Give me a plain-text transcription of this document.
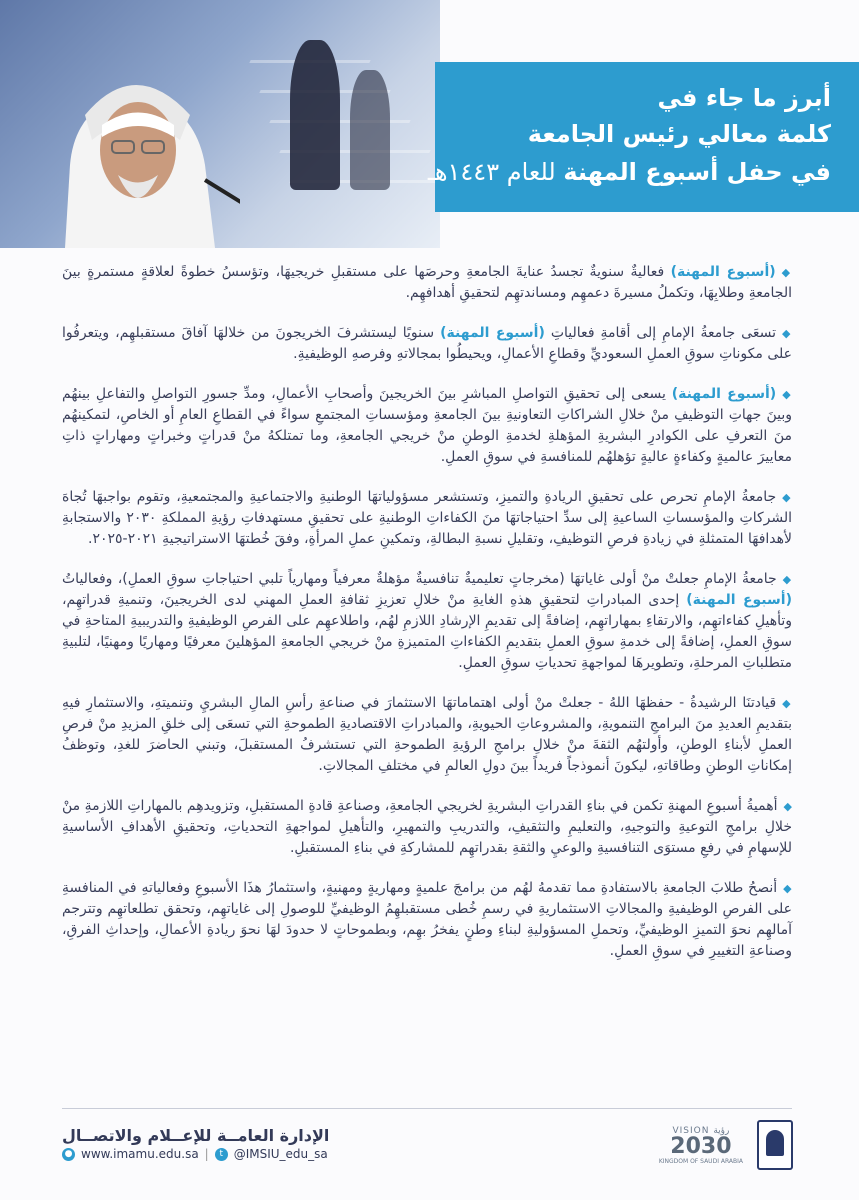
أبرز ما جاء في
كلمة معالي رئيس الجامعة
في حفل أسبوع المهنة للعام ١٤٤٣هـ

◆(أسبوع المهنة) فعاليةٌ سنويةٌ تجسدُ عنايةَ الجامعةِ وحرصَها على مستقبلِ خريجيهَا، وتؤسسُ خطوةً لعلاقةٍ مستمرةٍ بينَ الجامعةِ وطلابِهَا، وتكملُ مسيرةَ دعمهِم ومساندتهِم لتحقيقِ أهدافهِم.

◆تسعَى جامعةُ الإمامِ إلى أقامةِ فعالياتِ (أسبوع المهنة) سنويًا ليستشرفَ الخريجونَ من خلالهَا آفاقَ مستقبلهِم، ويتعرفُوا على مكوناتِ سوقِ العملِ السعوديِّ وقطاعِ الأعمالِ، ويحيطُوا بمجالاتهِ وفرصهِ الوظيفيةِ.

◆(أسبوع المهنة) يسعى إلى تحقيقِ التواصلِ المباشرِ بينَ الخريجينَ وأصحابِ الأعمالِ، ومدِّ جسورِ التواصلِ والتفاعلِ بينهُم وبينَ جهاتِ التوظيفِ منْ خلالِ الشراكاتِ التعاونيةِ بينَ الجامعةِ ومؤسساتِ المجتمعِ سواءً في القطاعِ العامِ أو الخاصِ، لتمكينهُم منَ التعرفِ على الكوادرِ البشريةِ المؤهلةِ لخدمةِ الوطنِ منْ خريجي الجامعةِ، وما تمتلكهُ منْ قدراتٍ وخبراتٍ ومهاراتٍ ذاتِ معاييرَ عالميةٍ وكفاءةٍ عاليةٍ تؤهلهُم للمنافسةِ في سوقِ العملِ.

◆جامعةُ الإمامِ تحرص على تحقيقِ الريادةِ والتميزِ، وتستشعر مسؤولياتهَا الوطنيةِ والاجتماعيةِ والمجتمعيةِ، وتقوم بواجبهَا تُجاهَ الشركاتِ والمؤسساتِ الساعيةِ إلى سدِّ احتياجاتهَا منَ الكفاءاتِ الوطنيةِ على تحقيقِ مستهدفاتِ رؤيةِ المملكةِ ٢٠٣٠ والاستجابةِ لأهدافهَا المتمثلةِ في زيادةِ فرصِ التوظيفِ، وتقليلِ نسبةِ البطالةِ، وتمكينِ عملِ المرأةِ، وفقَ خُطتهَا الاستراتيجيةِ ٢٠٢١-٢٠٢٥.

◆جامعةُ الإمامِ جعلتْ منْ أولى غاياتهَا (مخرجاتٍ تعليميةٌ تنافسيةٌ مؤهلةٌ معرفياً ومهارياً تلبي احتياجاتِ سوقِ العملِ)، وفعالياتُ (أسبوع المهنة) إحدى المبادراتِ لتحقيقِ هذهِ الغايةِ منْ خلالِ تعزيزِ ثقافةِ العملِ المهني لدى الخريجينَ، وتنميةِ قدراتهِم، وتأهيلِ كفاءاتهِم، والارتقاءِ بمهاراتهِم، إضافةً إلى تقديمِ الإرشادِ اللازمِ لهُم، واطلاعهِم على الفرصِ الوظيفيةِ والتدريبيةِ المتاحةِ في سوقِ العملِ، إضافةً إلى خدمةِ سوقِ العملِ بتقديمِ الكفاءاتِ المتميزةِ منْ خريجي الجامعةِ المؤهلينَ معرفيًا ومهاريًا ومهنيًا، لتلبيةِ متطلباتِ المرحلةِ، وتطويرهَا لمواجهةِ تحدياتِ سوقِ العملِ.

◆قيادتنَا الرشيدةُ - حفظهَا اللهُ - جعلتْ منْ أولى اهتماماتهَا الاستثمارَ في صناعةِ رأسِ المالِ البشريِ وتنميتهِ، والاستثمارِ فيهِ بتقديمِ العديدِ منَ البرامجِ التنمويةِ، والمشروعاتِ الحيويةِ، والمبادراتِ الاقتصاديةِ الطموحةِ التي تسعَى إلى خلقِ المزيدِ منْ فرصِ العملِ لأبناءِ الوطنِ، وأولتهُم الثقةَ منْ خلالِ برامجِ الرؤيةِ الطموحةِ التي تستشرفُ المستقبلَ، وتبني الحاضرَ للغدِ، وتوظفُ إمكاناتِ الوطنِ وطاقاتهِ، ليكونَ أنموذجاً فريداً بينَ دولِ العالمِ في مختلفِ المجالاتِ.

◆أهميةُ أسبوعِ المهنةِ تكمن في بناءِ القدراتِ البشريةِ لخريجي الجامعةِ، وصناعةِ قادةِ المستقبلِ، وتزويدهِم بالمهاراتِ اللازمةِ منْ خلالِ برامجِ التوعيةِ والتوجيهِ، والتعليمِ والتثقيفِ، والتدريبِ والتمهيرِ، والتأهيلِ لمواجهةِ التحدياتِ، وتحقيقِ الأهدافِ الأساسيةِ للإسهامِ في رفعِ مستوَى التنافسيةِ والوعيِ والثقةِ بقدراتهِم للمشاركةِ في بناءِ المستقبلِ.

◆أنصحُ طلابَ الجامعةِ بالاستفادةِ مما تقدمهُ لهُم من برامجَ علميةٍ ومهاريةٍ ومهنيةٍ، واستثمارُ هذَا الأسبوعِ وفعالياتهِ في المنافسةِ على الفرصِ الوظيفيةِ والمجالاتِ الاستثماريةِ في رسمِ خُطى مستقبلهِمُ الوظيفيِّ للوصولِ إلى غاياتهِم، وتحقق تطلعاتهِم وتترجم آمالهِم نحوَ التميزِ الوظيفيِّ، وتحملِ المسؤوليةِ لبناءِ وطنٍ يفخرُ بهِم، وبطموحاتٍ لا حدودَ لهَا نحوَ ريادةِ الأعمالِ، وإحداثِ الفرقِ، وصناعةِ التغييرِ في سوقِ العملِ.

الإدارة العامــة للإعــلام والاتصــال
● www.imamu.edu.sa |	t @IMSIU_edu_sa
VISION رؤية
2030
KINGDOM OF SAUDI ARABIA
